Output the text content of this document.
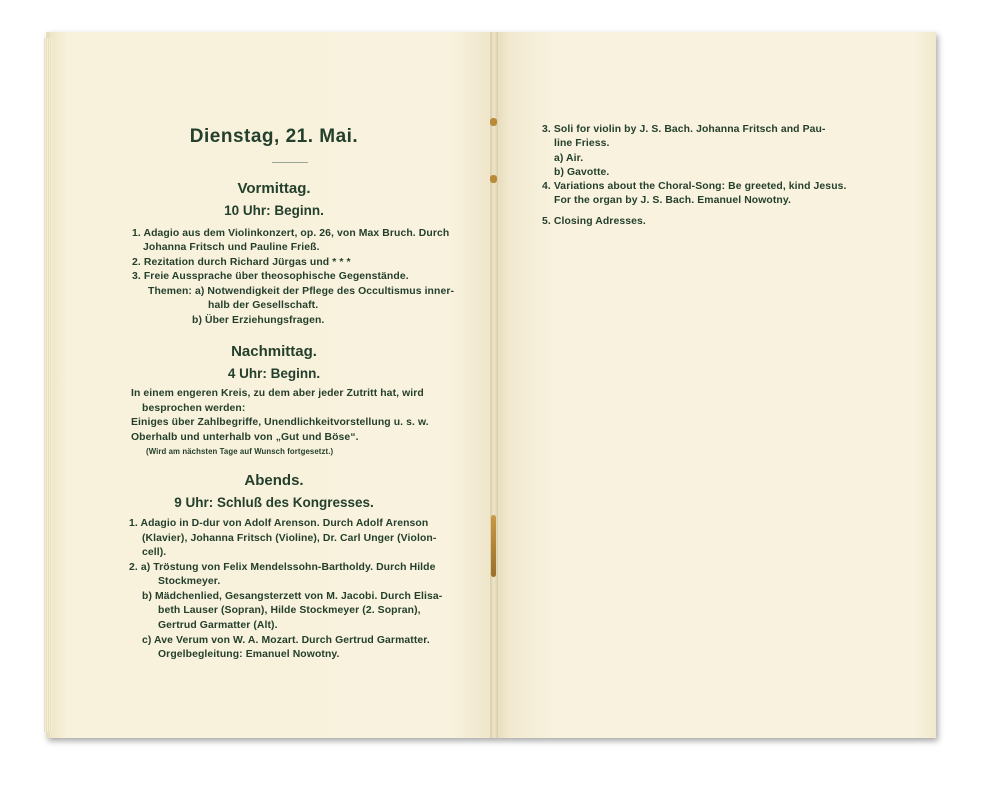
Dienstag, 21. Mai.
Vormittag.
10 Uhr: Beginn.
1. Adagio aus dem Violinkonzert, op. 26, von Max Bruch. Durch
Johanna Fritsch und Pauline Frieß.
2. Rezitation durch Richard Jürgas und * * *
3. Freie Aussprache über theosophische Gegenstände.
Themen: a) Notwendigkeit der Pflege des Occultismus inner-
halb der Gesellschaft.
b) Über Erziehungsfragen.
Nachmittag.
4 Uhr: Beginn.
In einem engeren Kreis, zu dem aber jeder Zutritt hat, wird
besprochen werden:
Einiges über Zahlbegriffe, Unendlichkeitvorstellung u. s. w.
Oberhalb und unterhalb von „Gut und Böse“.
(Wird am nächsten Tage auf Wunsch fortgesetzt.)
Abends.
9 Uhr: Schluß des Kongresses.
1. Adagio in D-dur von Adolf Arenson. Durch Adolf Arenson
(Klavier), Johanna Fritsch (Violine), Dr. Carl Unger (Violon-
cell).
2. a) Tröstung von Felix Mendelssohn-Bartholdy. Durch Hilde
Stockmeyer.
b) Mädchenlied, Gesangsterzett von M. Jacobi. Durch Elisa-
beth Lauser (Sopran), Hilde Stockmeyer (2. Sopran),
Gertrud Garmatter (Alt).
c) Ave Verum von W. A. Mozart. Durch Gertrud Garmatter.
Orgelbegleitung: Emanuel Nowotny.
3. Soli for violin by J. S. Bach. Johanna Fritsch and Pau-
line Friess.
a) Air.
b) Gavotte.
4. Variations about the Choral-Song: Be greeted, kind Jesus.
For the organ by J. S. Bach. Emanuel Nowotny.
5. Closing Adresses.
